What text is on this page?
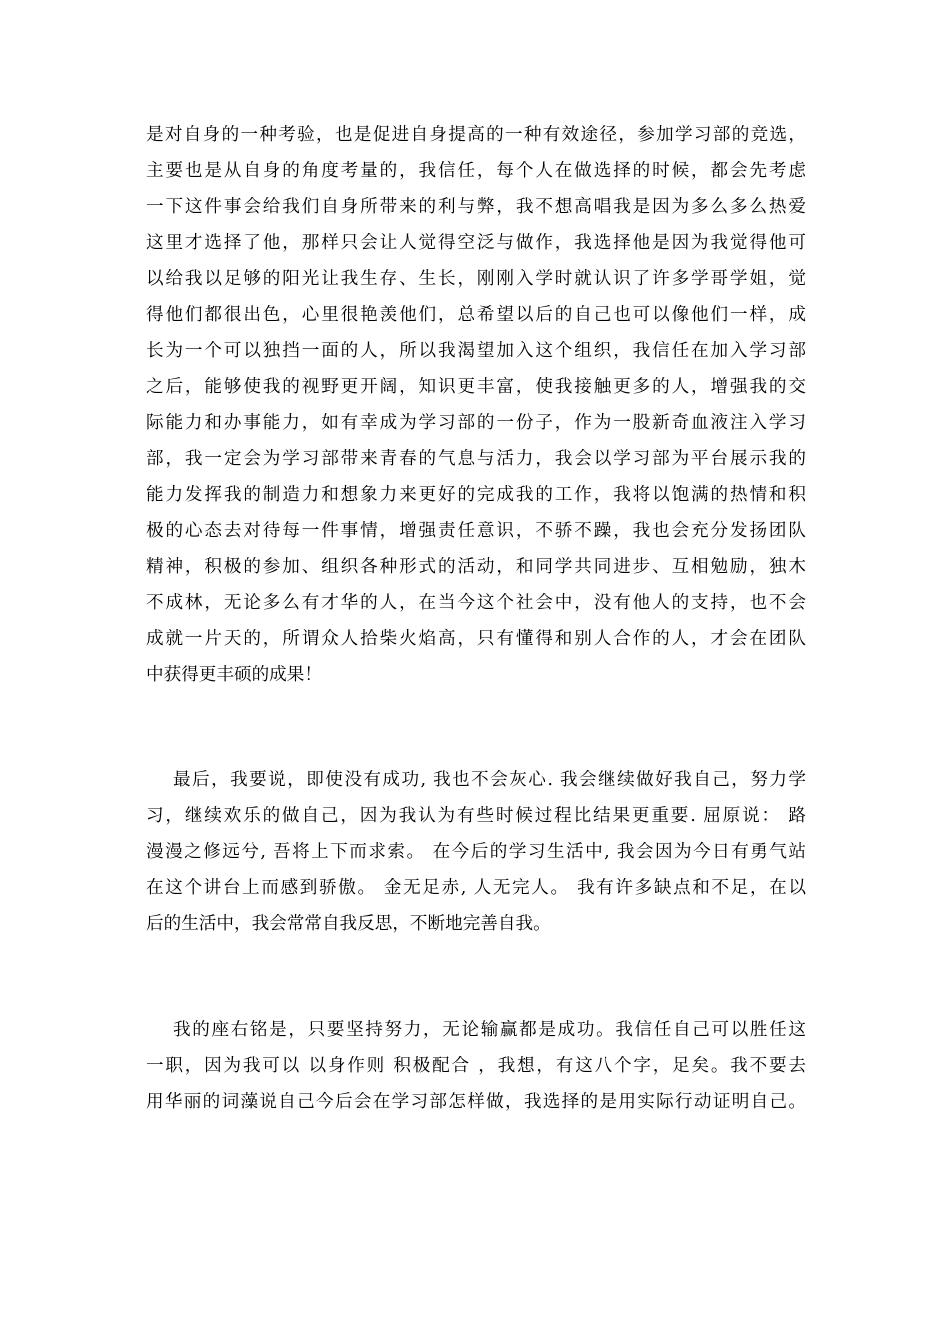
是对自身的一种考验，也是促进自身提高的一种有效途径，参加学习部的竞选，
主要也是从自身的角度考量的，我信任，每个人在做选择的时候，都会先考虑
一下这件事会给我们自身所带来的利与弊，我不想高唱我是因为多么多么热爱
这里才选择了他，那样只会让人觉得空泛与做作，我选择他是因为我觉得他可
以给我以足够的阳光让我生存、生长，刚刚入学时就认识了许多学哥学姐，觉
得他们都很出色，心里很艳羡他们，总希望以后的自己也可以像他们一样，成
长为一个可以独挡一面的人，所以我渴望加入这个组织，我信任在加入学习部
之后，能够使我的视野更开阔，知识更丰富，使我接触更多的人，增强我的交
际能力和办事能力，如有幸成为学习部的一份子，作为一股新奇血液注入学习
部，我一定会为学习部带来青春的气息与活力，我会以学习部为平台展示我的
能力发挥我的制造力和想象力来更好的完成我的工作，我将以饱满的热情和积
极的心态去对待每一件事情，增强责任意识，不骄不躁，我也会充分发扬团队
精神，积极的参加、组织各种形式的活动，和同学共同进步、互相勉励，独木
不成林，无论多么有才华的人，在当今这个社会中，没有他人的支持，也不会
成就一片天的，所谓众人拾柴火焰高，只有懂得和别人合作的人，才会在团队
中获得更丰硕的成果！
最后，我要说，即使没有成功, 我也不会灰心. 我会继续做好我自己，努力学
习，继续欢乐的做自己，因为我认为有些时候过程比结果更重要. 屈原说： 路
漫漫之修远兮, 吾将上下而求索。 在今后的学习生活中, 我会因为今日有勇气站
在这个讲台上而感到骄傲。 金无足赤, 人无完人。 我有许多缺点和不足，在以
后的生活中，我会常常自我反思，不断地完善自我。
我的座右铭是，只要坚持努力，无论输赢都是成功。我信任自己可以胜任这
一职，因为我可以 以身作则 积极配合 ，我想，有这八个字，足矣。我不要去
用华丽的词藻说自己今后会在学习部怎样做，我选择的是用实际行动证明自己。
